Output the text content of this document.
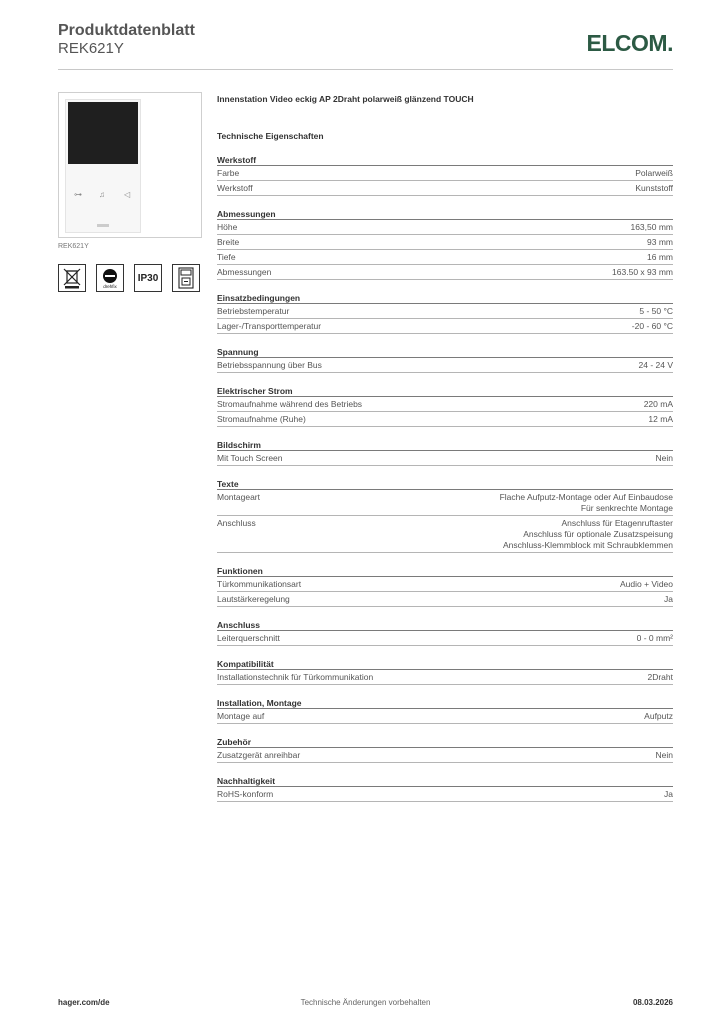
Produktdatenblatt
REK621Y	ELCOM.
⊶ ♫ ◁
REK621Y
drehfix
IP30
Innenstation Video eckig AP 2Draht polarweiß glänzend TOUCH
Technische Eigenschaften
Werkstoff
Farbe	Polarweiß
Werkstoff	Kunststoff
Abmessungen
Höhe	163,50 mm
Breite	93 mm
Tiefe	16 mm
Abmessungen	163.50 x 93 mm
Einsatzbedingungen
Betriebstemperatur	5 - 50 °C
Lager-/Transporttemperatur	-20 - 60 °C
Spannung
Betriebsspannung über Bus	24 - 24 V
Elektrischer Strom
Stromaufnahme während des Betriebs	220 mA
Stromaufnahme (Ruhe)	12 mA
Bildschirm
Mit Touch Screen	Nein
Texte
Montageart	Flache Aufputz-Montage oder Auf Einbaudose
Für senkrechte Montage
Anschluss	Anschluss für Etagenruftaster
Anschluss für optionale Zusatzspeisung
Anschluss-Klemmblock mit Schraubklemmen
Funktionen
Türkommunikationsart	Audio + Video
Lautstärkeregelung	Ja
Anschluss
Leiterquerschnitt	0 - 0 mm²
Kompatibilität
Installationstechnik für Türkommunikation	2Draht
Installation, Montage
Montage auf	Aufputz
Zubehör
Zusatzgerät anreihbar	Nein
Nachhaltigkeit
RoHS-konform	Ja
Technische Änderungen vorbehalten
hager.com/de	08.03.2026
